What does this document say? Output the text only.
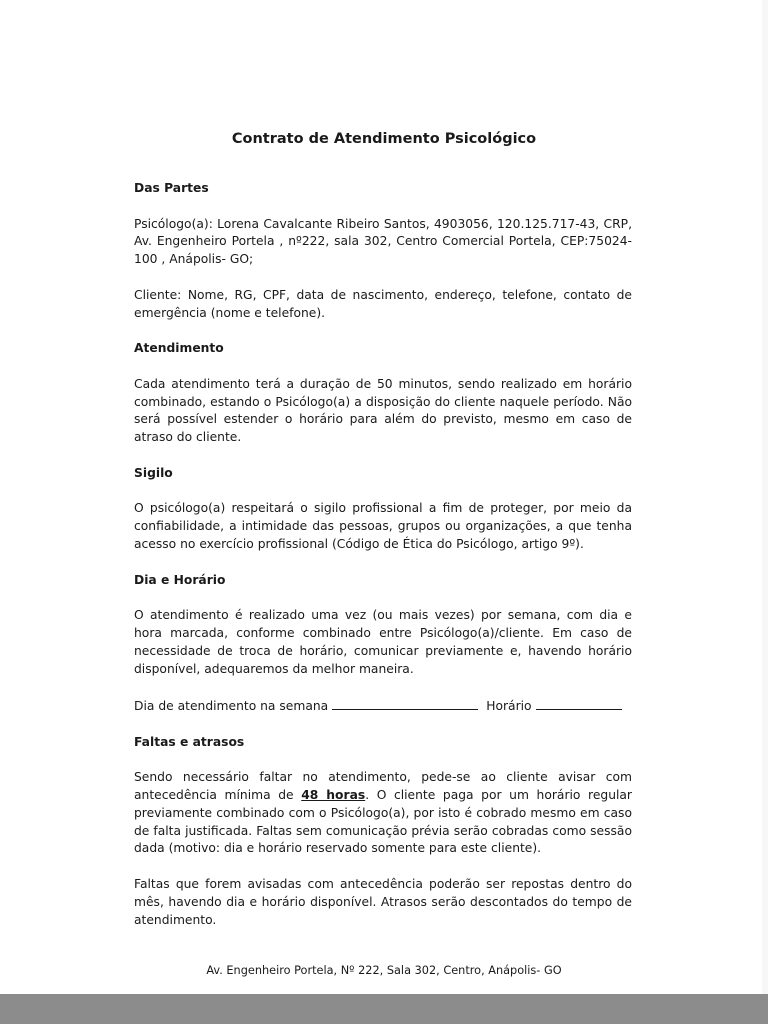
Contrato de Atendimento Psicológico
Das Partes

Psicólogo(a): Lorena Cavalcante Ribeiro Santos, 4903056, 120.125.717-43, CRP, Av. Engenheiro Portela , nº222, sala 302, Centro Comercial Portela, CEP:75024-100 , Anápolis- GO;

Cliente: Nome, RG, CPF, data de nascimento, endereço, telefone, contato de emergência (nome e telefone).

Atendimento

Cada atendimento terá a duração de 50 minutos, sendo realizado em horário combinado, estando o Psicólogo(a) a disposição do cliente naquele período. Não será possível estender o horário para além do previsto, mesmo em caso de atraso do cliente.

Sigilo

O psicólogo(a) respeitará o sigilo profissional a fim de proteger, por meio da confiabilidade, a intimidade das pessoas, grupos ou organizações, a que tenha acesso no exercício profissional (Código de Ética do Psicólogo, artigo 9º).

Dia e Horário

O atendimento é realizado uma vez (ou mais vezes) por semana, com dia e hora marcada, conforme combinado entre Psicólogo(a)/cliente. Em caso de necessidade de troca de horário, comunicar previamente e, havendo horário disponível, adequaremos da melhor maneira.

Dia de atendimento na semana	Horário

Faltas e atrasos

Sendo necessário faltar no atendimento, pede-se ao cliente avisar com antecedência mínima de 48 horas. O cliente paga por um horário regular previamente combinado com o Psicólogo(a), por isto é cobrado mesmo em caso de falta justificada. Faltas sem comunicação prévia serão cobradas como sessão dada (motivo: dia e horário reservado somente para este cliente).

Faltas que forem avisadas com antecedência poderão ser repostas dentro do mês, havendo dia e horário disponível. Atrasos serão descontados do tempo de atendimento.

Av. Engenheiro Portela, Nº 222, Sala 302, Centro, Anápolis- GO
